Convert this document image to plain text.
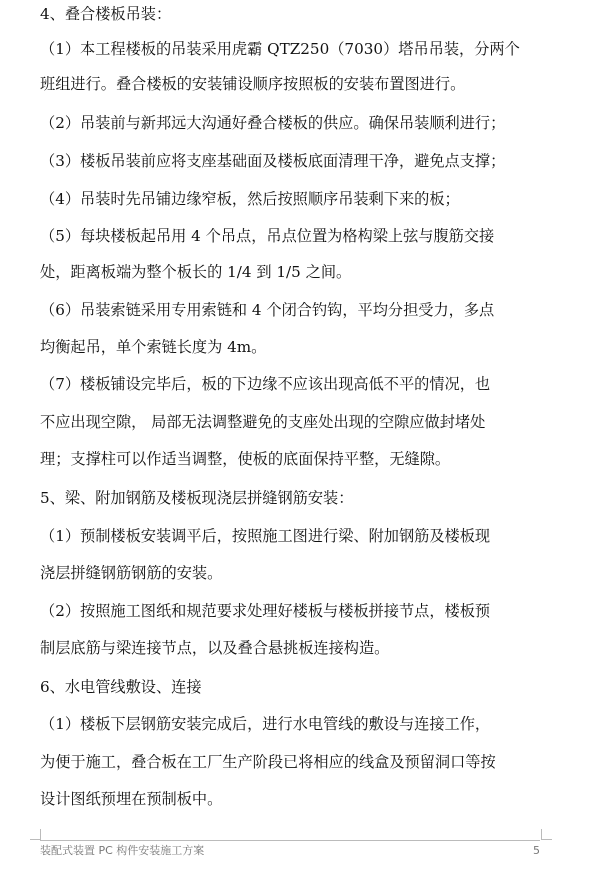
4、叠合楼板吊装：
（1）本工程楼板的吊装采用虎霸 QTZ250（7030）塔吊吊装，分两个
班组进行。叠合楼板的安装铺设顺序按照板的安装布置图进行。
（2）吊装前与新邦远大沟通好叠合楼板的供应。确保吊装顺利进行；
（3）楼板吊装前应将支座基础面及楼板底面清理干净，避免点支撑；
（4）吊装时先吊铺边缘窄板，然后按照顺序吊装剩下来的板；
（5）每块楼板起吊用 4 个吊点，吊点位置为格构梁上弦与腹筋交接
处，距离板端为整个板长的 1/4 到 1/5 之间。
（6）吊装索链采用专用索链和 4 个闭合钓钩，平均分担受力，多点
均衡起吊，单个索链长度为 4m。
（7）楼板铺设完毕后，板的下边缘不应该出现高低不平的情况，也
不应出现空隙， 局部无法调整避免的支座处出现的空隙应做封堵处
理；支撑柱可以作适当调整，使板的底面保持平整，无缝隙。
5、梁、附加钢筋及楼板现浇层拼缝钢筋安装：
（1）预制楼板安装调平后，按照施工图进行梁、附加钢筋及楼板现
浇层拼缝钢筋钢筋的安装。
（2）按照施工图纸和规范要求处理好楼板与楼板拼接节点，楼板预
制层底筋与梁连接节点，以及叠合悬挑板连接构造。
6、水电管线敷设、连接
（1）楼板下层钢筋安装完成后，进行水电管线的敷设与连接工作，
为便于施工，叠合板在工厂生产阶段已将相应的线盒及预留洞口等按
设计图纸预埋在预制板中。
装配式装置 PC 构件安装施工方案	5
